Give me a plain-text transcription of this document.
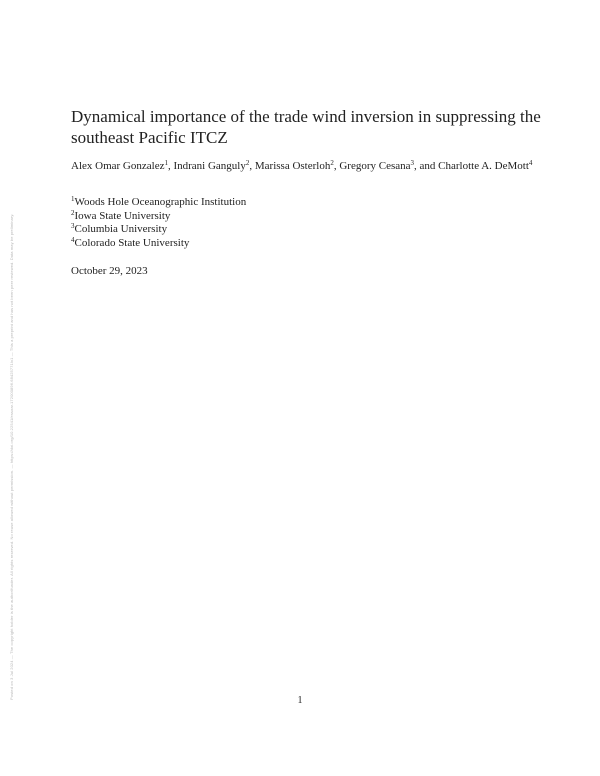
Posted on 3 Jul 2024 — The copyright holder is the author/funder. All rights reserved. No reuse allowed without permission. — https://doi.org/10.22541/essoar.172000896.68425771/v1 — This a preprint and has not been peer reviewed. Data may be preliminary.
Dynamical importance of the trade wind inversion in suppressing the southeast Pacific ITCZ
Alex Omar Gonzalez$^1$, Indrani Ganguly$^2$, Marissa Osterloh$^2$, Gregory Cesana$^3$, and Charlotte A. DeMott$^4$
$^1$Woods Hole Oceanographic Institution
$^2$Iowa State University
$^3$Columbia University
$^4$Colorado State University
October 29, 2023
1
